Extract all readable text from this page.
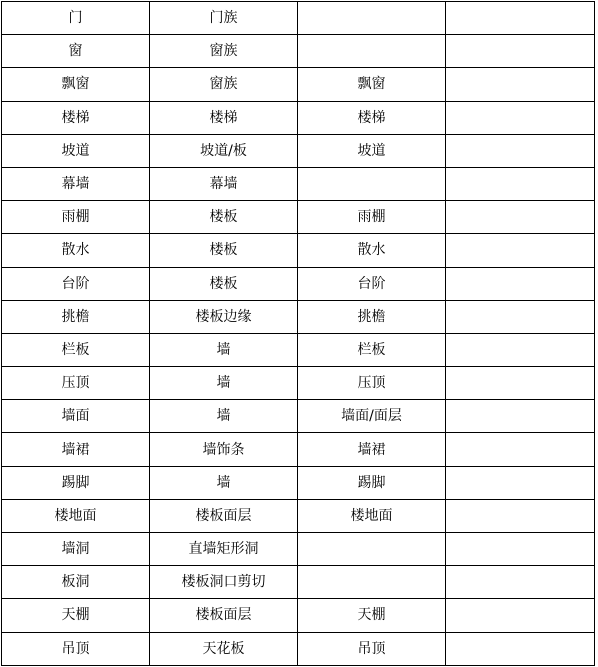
门	门族		
窗	窗族		
飘窗	窗族	飘窗	
楼梯	楼梯	楼梯	
坡道	坡道/板	坡道	
幕墙	幕墙		
雨棚	楼板	雨棚	
散水	楼板	散水	
台阶	楼板	台阶	
挑檐	楼板边缘	挑檐	
栏板	墙	栏板	
压顶	墙	压顶	
墙面	墙	墙面/面层	
墙裙	墙饰条	墙裙	
踢脚	墙	踢脚	
楼地面	楼板面层	楼地面	
墙洞	直墙矩形洞		
板洞	楼板洞口剪切		
天棚	楼板面层	天棚	
吊顶	天花板	吊顶	
